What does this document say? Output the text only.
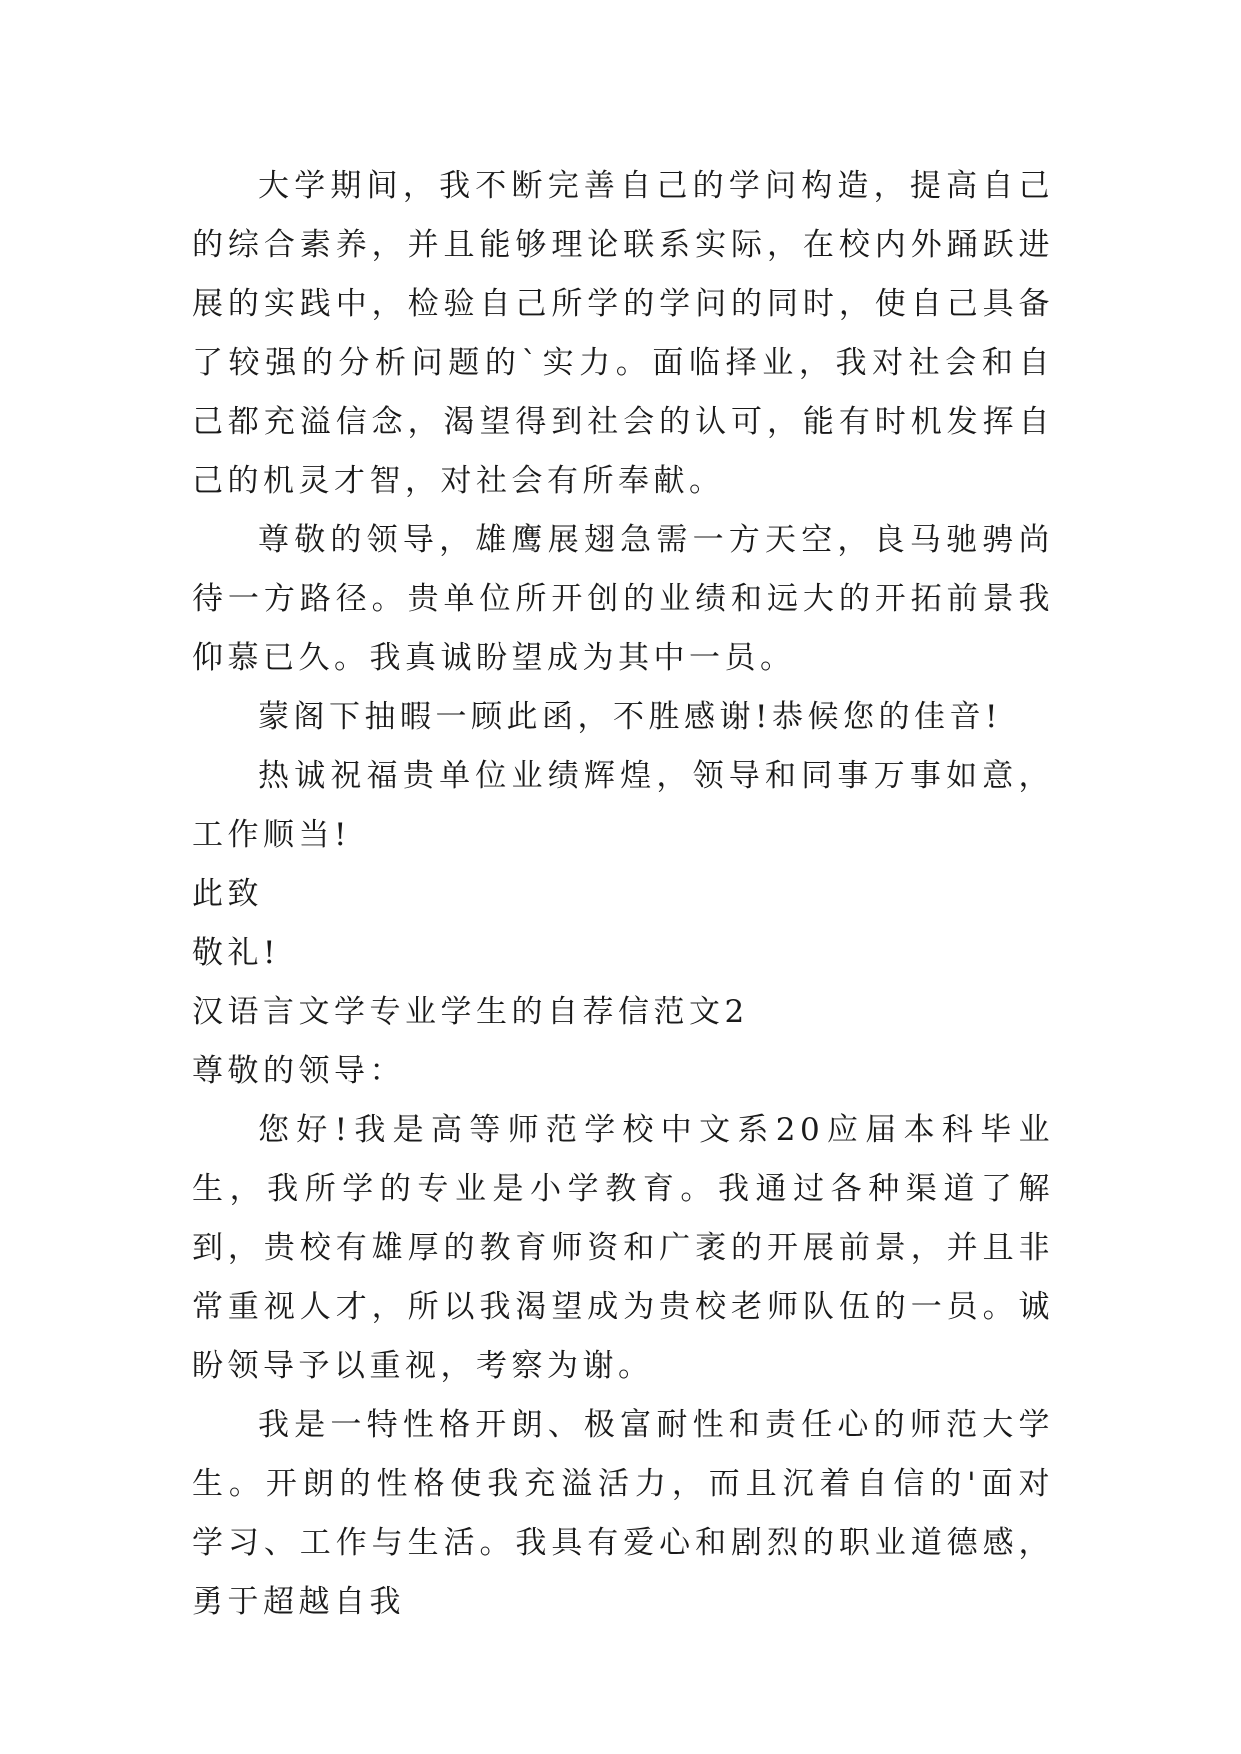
大学期间，我不断完善自己的学问构造，提高自己的综合素养，并且能够理论联系实际，在校内外踊跃进展的实践中，检验自己所学的学问的同时，使自己具备了较强的分析问题的`实力。面临择业，我对社会和自己都充溢信念，渴望得到社会的认可，能有时机发挥自己的机灵才智，对社会有所奉献。

尊敬的领导，雄鹰展翅急需一方天空，良马驰骋尚待一方路径。贵单位所开创的业绩和远大的开拓前景我仰慕已久。我真诚盼望成为其中一员。

蒙阁下抽暇一顾此函，不胜感谢!恭候您的佳音!

热诚祝福贵单位业绩辉煌，领导和同事万事如意，工作顺当!

此致

敬礼!

汉语言文学专业学生的自荐信范文2

尊敬的领导：

您好!我是高等师范学校中文系20应届本科毕业生，我所学的专业是小学教育。我通过各种渠道了解到，贵校有雄厚的教育师资和广袤的开展前景，并且非常重视人才，所以我渴望成为贵校老师队伍的一员。诚盼领导予以重视，考察为谢。

我是一特性格开朗、极富耐性和责任心的师范大学生。开朗的性格使我充溢活力，而且沉着自信的'面对学习、工作与生活。我具有爱心和剧烈的职业道德感，勇于超越自我
